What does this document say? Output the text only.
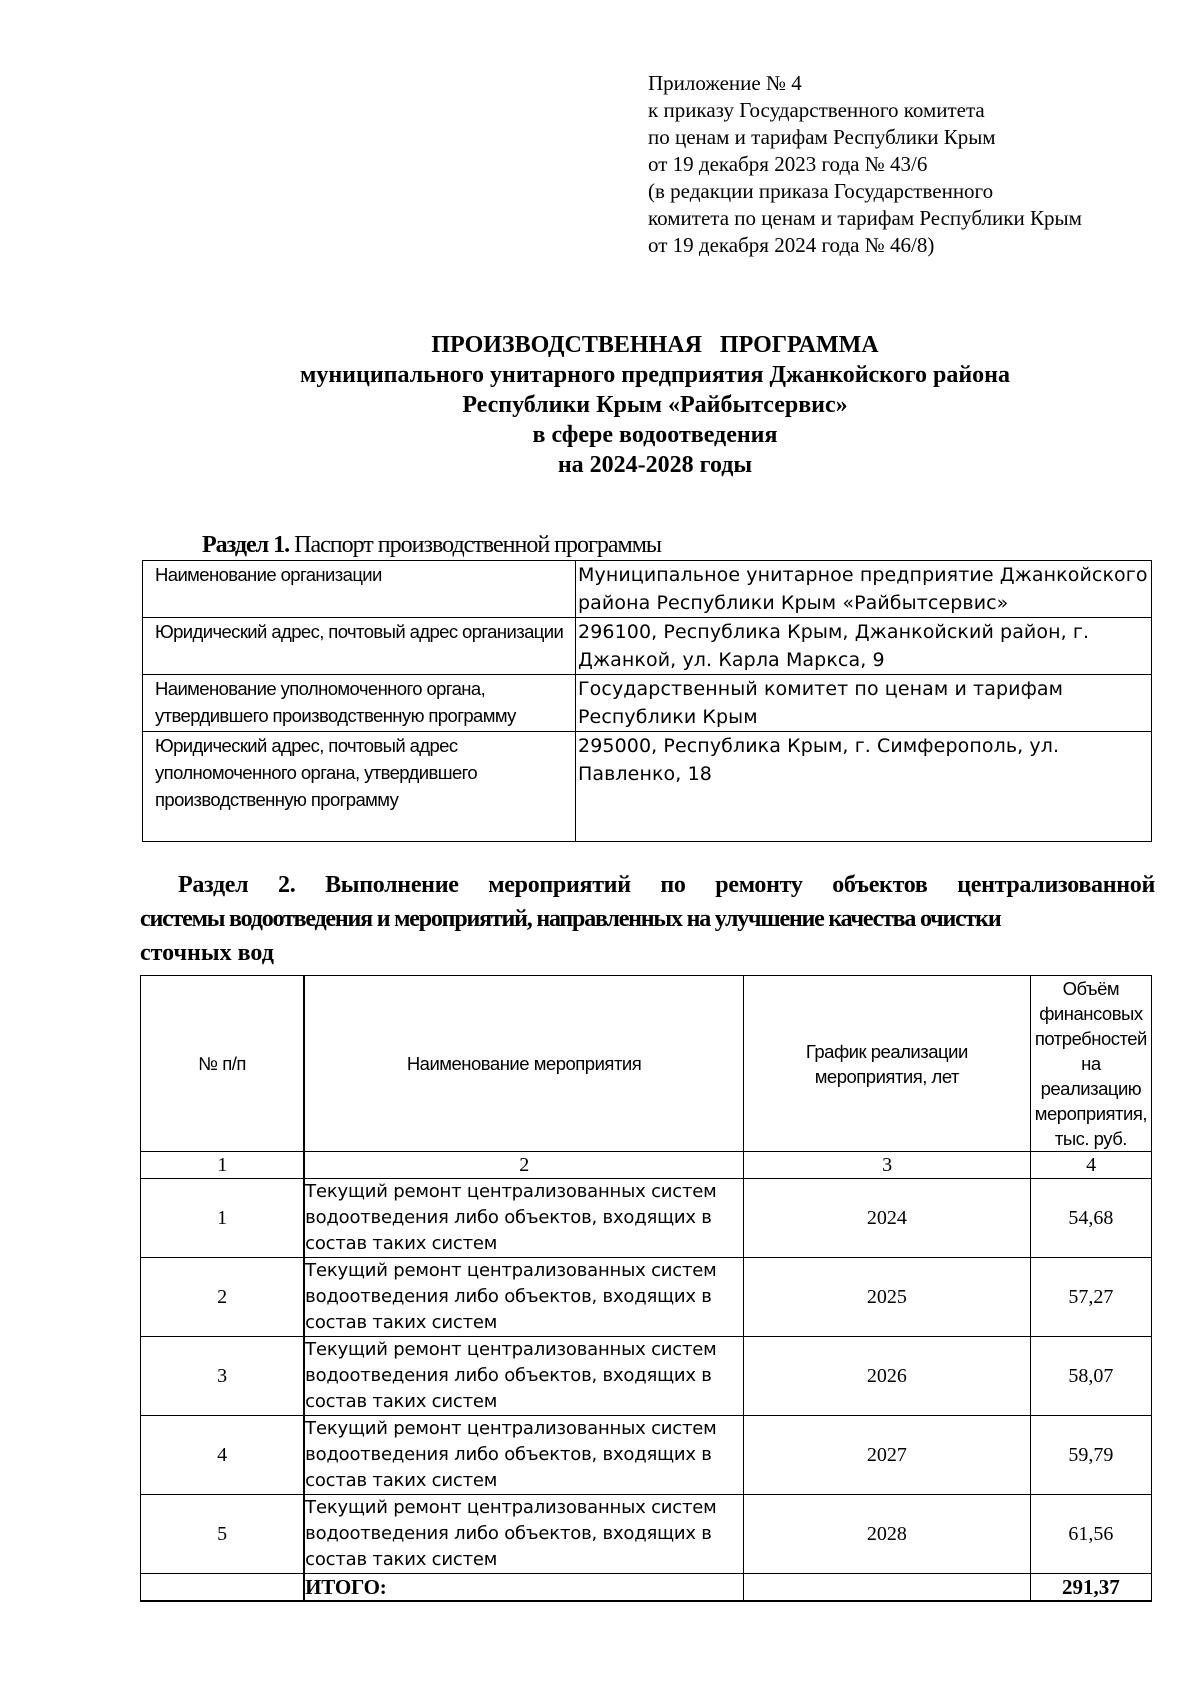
Приложение № 4
к приказу Государственного комитета
по ценам и тарифам Республики Крым
от 19 декабря 2023 года № 43/6
(в редакции приказа Государственного
комитета по ценам и тарифам Республики Крым
от 19 декабря 2024 года № 46/8)
ПРОИЗВОДСТВЕННАЯ   ПРОГРАММА
муниципального унитарного предприятия Джанкойского района
Республики Крым «Райбытсервис»
в сфере водоотведения
на 2024-2028 годы
Раздел 1. Паспорт производственной программы
Наименование организации	Муниципальное унитарное предприятие Джанкойского района Республики Крым «Райбытсервис»
Юридический адрес, почтовый адрес организации	296100, Республика Крым, Джанкойский район, г. Джанкой, ул. Карла Маркса, 9
Наименование уполномоченного органа, утвердившего производственную программу	Государственный комитет по ценам и тарифам Республики Крым
Юридический адрес, почтовый адрес уполномоченного органа, утвердившего производственную программу	295000, Республика Крым, г. Симферополь, ул. Павленко, 18
Раздел 2. Выполнение мероприятий по ремонту объектов централизованной
системы водоотведения и мероприятий, направленных на улучшение качества очистки
сточных вод
№ п/п	Наименование мероприятия	График реализации мероприятия, лет	Объём финансовых потребностей на реализацию мероприятия, тыс. руб.
1	2	3	4
1	Текущий ремонт централизованных систем водоотведения либо объектов, входящих в состав таких систем	2024	54,68
2	Текущий ремонт централизованных систем водоотведения либо объектов, входящих в состав таких систем	2025	57,27
3	Текущий ремонт централизованных систем водоотведения либо объектов, входящих в состав таких систем	2026	58,07
4	Текущий ремонт централизованных систем водоотведения либо объектов, входящих в состав таких систем	2027	59,79
5	Текущий ремонт централизованных систем водоотведения либо объектов, входящих в состав таких систем	2028	61,56
	ИТОГО:		291,37
